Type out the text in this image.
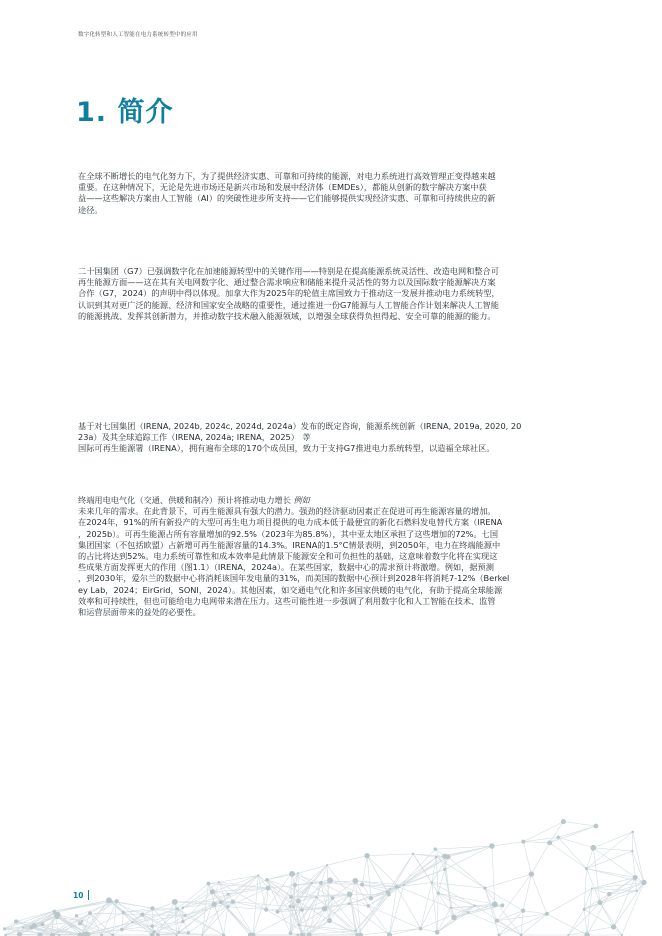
数字化转型和人工智能在电力系统转型中的应用
1. 简介
在全球不断增长的电气化努力下，为了提供经济实惠、可靠和可持续的能源，对电力系统进行高效管理正变得越来越
重要。在这种情况下，无论是先进市场还是新兴市场和发展中经济体（EMDEs），都能从创新的数字解决方案中获
益——这些解决方案由人工智能（AI）的突破性进步所支持——它们能够提供实现经济实惠、可靠和可持续供应的新
途径。
二十国集团（G7）已强调数字化在加速能源转型中的关键作用——特别是在提高能源系统灵活性、改造电网和整合可
再生能源方面——这在其有关电网数字化、通过整合需求响应和储能来提升灵活性的努力以及国际数字能源解决方案
合作（G7，2024）的声明中得以体现。加拿大作为2025年的轮值主席国致力于推动这一发展并推动电力系统转型，
认识到其对更广泛的能源、经济和国家安全战略的重要性，通过推进一份G7能源与人工智能合作计划来解决人工智能
的能源挑战、发挥其创新潜力，并推动数字技术融入能源领域，以增强全球获得负担得起、安全可靠的能源的能力。
基于对七国集团（IRENA, 2024b, 2024c, 2024d, 2024a）发布的既定咨询，能源系统创新（IRENA, 2019a, 2020, 20
23a）及其全球追踪工作（IRENA, 2024a; IRENA，2025） 等
国际可再生能源署（IRENA），拥有遍布全球的170个成员国，致力于支持G7推进电力系统转型，以造福全球社区。
终端用电电气化（交通、供暖和制冷）预计将推动电力增长 例如
未来几年的需求。在此背景下，可再生能源具有强大的潜力。强劲的经济驱动因素正在促进可再生能源容量的增加。
在2024年，91%的所有新投产的大型可再生电力项目提供的电力成本低于最便宜的新化石燃料发电替代方案（IRENA
，2025b）。可再生能源占所有容量增加的92.5%（2023年为85.8%），其中亚太地区承担了这些增加的72%。七国
集团国家（不包括欧盟）占新增可再生能源容量的14.3%。IRENA的1.5°C情景表明，到2050年，电力在终端能源中
的占比将达到52%。电力系统可靠性和成本效率是此情景下能源安全和可负担性的基础，这意味着数字化将在实现这
些成果方面发挥更大的作用（图1.1）（IRENA，2024a）。在某些国家，数据中心的需求预计将激增。例如，据预测
，到2030年，爱尔兰的数据中心将消耗该国年发电量的31%，而美国的数据中心预计到2028年将消耗7-12%（Berkel
ey Lab，2024；EirGrid，SONI，2024）。其他因素，如交通电气化和许多国家供暖的电气化，有助于提高全球能源
效率和可持续性，但也可能给电力电网带来潜在压力。这些可能性进一步强调了利用数字化和人工智能在技术、监管
和运营层面带来的益处的必要性。
10
